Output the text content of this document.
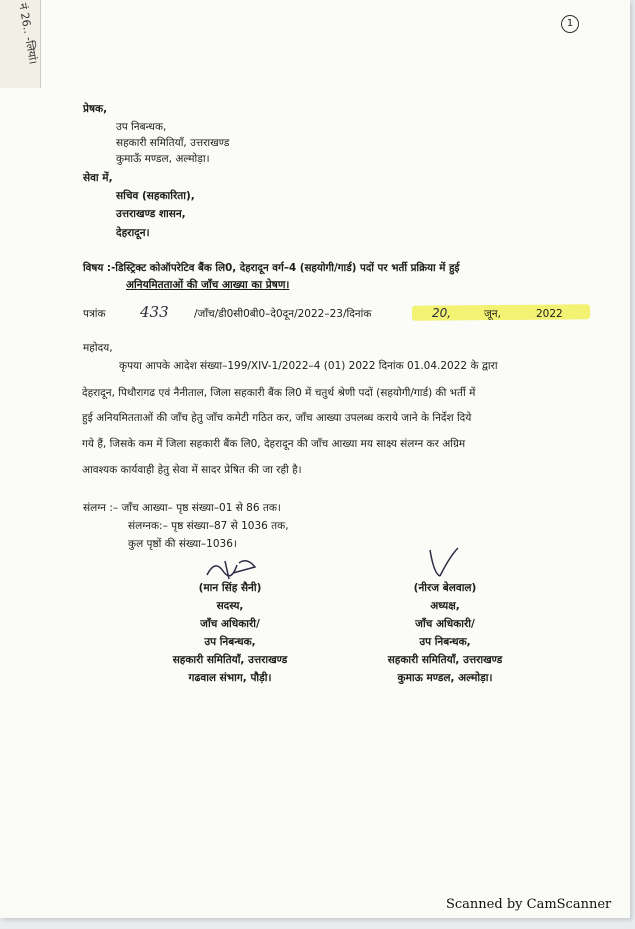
नं 26.. -लियां।	1
प्रेषक,
उप निबन्धक,
सहकारी समितियाँ, उत्तराखण्ड
कुमाऊँ मण्डल, अल्मोड़ा।
सेवा में,
सचिव (सहकारिता),
उत्तराखण्ड शासन,
देहरादून।
विषय :-डिस्ट्रिक्ट कोऑपरेटिव बैंक लि0, देहरादून वर्ग–4 (सहयोगी/गार्ड) पदों पर भर्ती प्रक्रिया में हुई
अनियमितताओं की जाँच आख्या का प्रेषण।
पत्रांक 433 /जाँच/डी0सी0बी0–दे0दून/2022–23/दिनांक	20,	जून,	2022
महोदय,
कृपया आपके आदेश संख्या–199/XIV-1/2022–4 (01) 2022 दिनांक 01.04.2022 के द्वारा
देहरादून, पिथौरागढ एवं नैनीताल, जिला सहकारी बैंक लि0 में चतुर्थ श्रेणी पदों (सहयोगी/गार्ड) की भर्ती में
हुई अनियमितताओं की जाँच हेतु जाँच कमेटी गठित कर, जाँच आख्या उपलब्ध कराये जाने के निर्देश दिये
गये हैं, जिसके कम में जिला सहकारी बैंक लि0, देहरादून की जाँच आख्या मय साक्ष्य संलग्न कर अग्रिम
आवश्यक कार्यवाही हेतु सेवा में सादर प्रेषित की जा रही है।
संलग्न :– जाँच आख्या– पृष्ठ संख्या–01 से 86 तक।
संलग्नक:– पृष्ठ संख्या–87 से 1036 तक,
कुल पृष्ठों की संख्या–1036।
(मान सिंह सैनी)
सदस्य,
जाँच अधिकारी/
उप निबन्धक,
सहकारी समितियाँ, उत्तराखण्ड
गढवाल संभाग, पौड़ी।
(नीरज बेलवाल)
अध्यक्ष,
जाँच अधिकारी/
उप निबन्धक,
सहकारी समितियाँ, उत्तराखण्ड
कुमाऊ मण्डल, अल्मोड़ा।
Scanned by CamScanner
